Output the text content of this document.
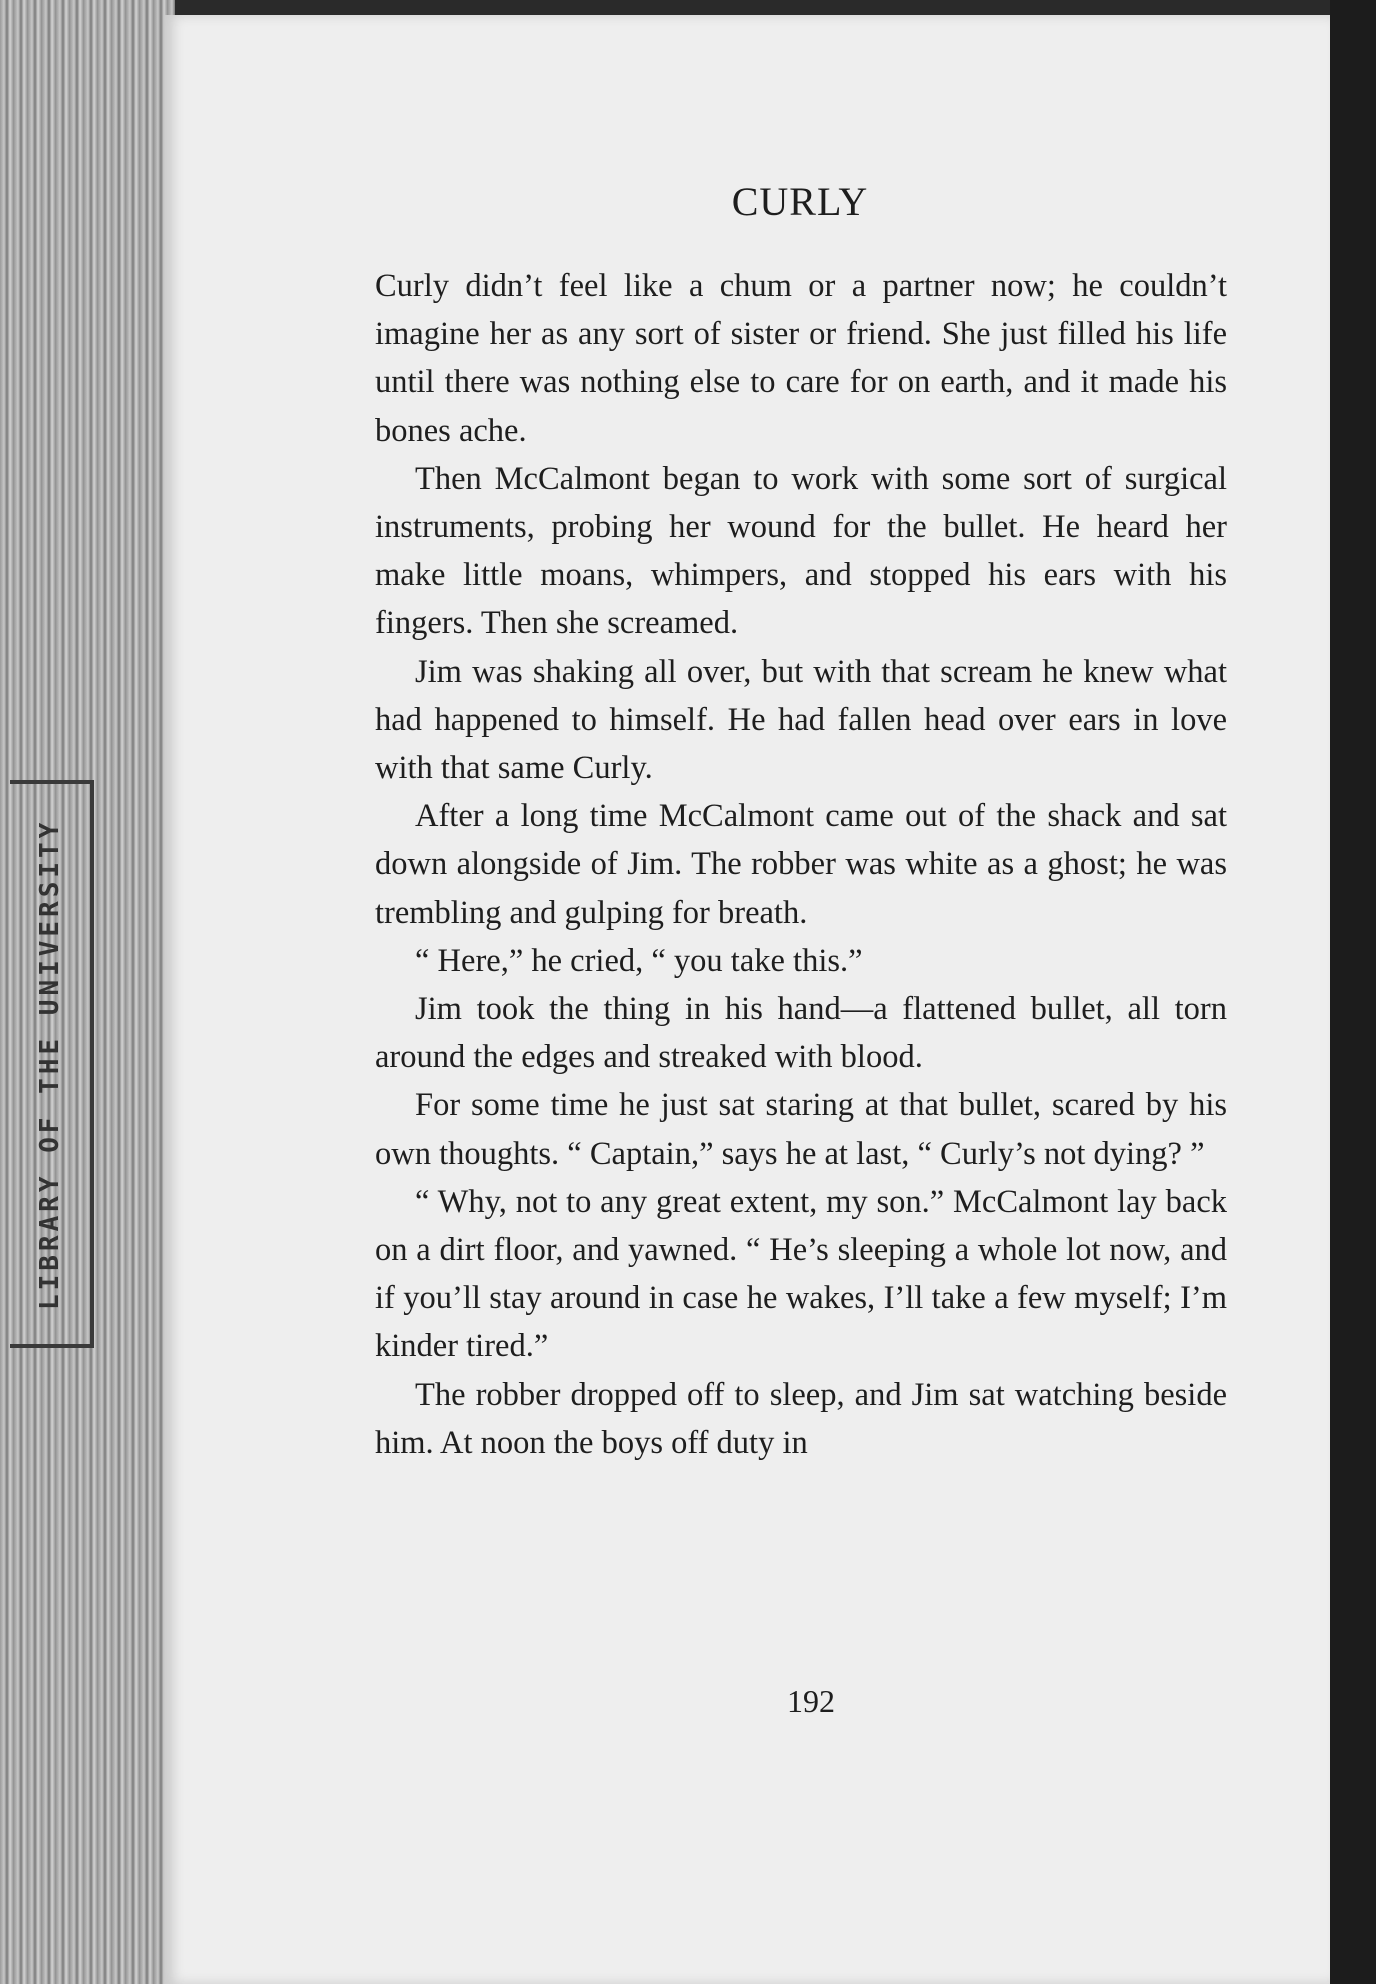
LIBRARY OF THE UNIVERSITY
CURLY

Curly didn’t feel like a chum or a partner now; he couldn’t imagine her as any sort of sister or friend. She just filled his life until there was nothing else to care for on earth, and it made his bones ache.

Then McCalmont began to work with some sort of surgical instruments, probing her wound for the bullet. He heard her make little moans, whimpers, and stopped his ears with his fingers. Then she screamed.

Jim was shaking all over, but with that scream he knew what had happened to himself. He had fallen head over ears in love with that same Curly.

After a long time McCalmont came out of the shack and sat down alongside of Jim. The robber was white as a ghost; he was trembling and gulping for breath.

“ Here,” he cried, “ you take this.”

Jim took the thing in his hand—a flattened bullet, all torn around the edges and streaked with blood.

For some time he just sat staring at that bullet, scared by his own thoughts. “ Captain,” says he at last, “ Curly’s not dying? ”

“ Why, not to any great extent, my son.” McCalmont lay back on a dirt floor, and yawned. “ He’s sleeping a whole lot now, and if you’ll stay around in case he wakes, I’ll take a few myself; I’m kinder tired.”

The robber dropped off to sleep, and Jim sat watching beside him. At noon the boys off duty in

192
